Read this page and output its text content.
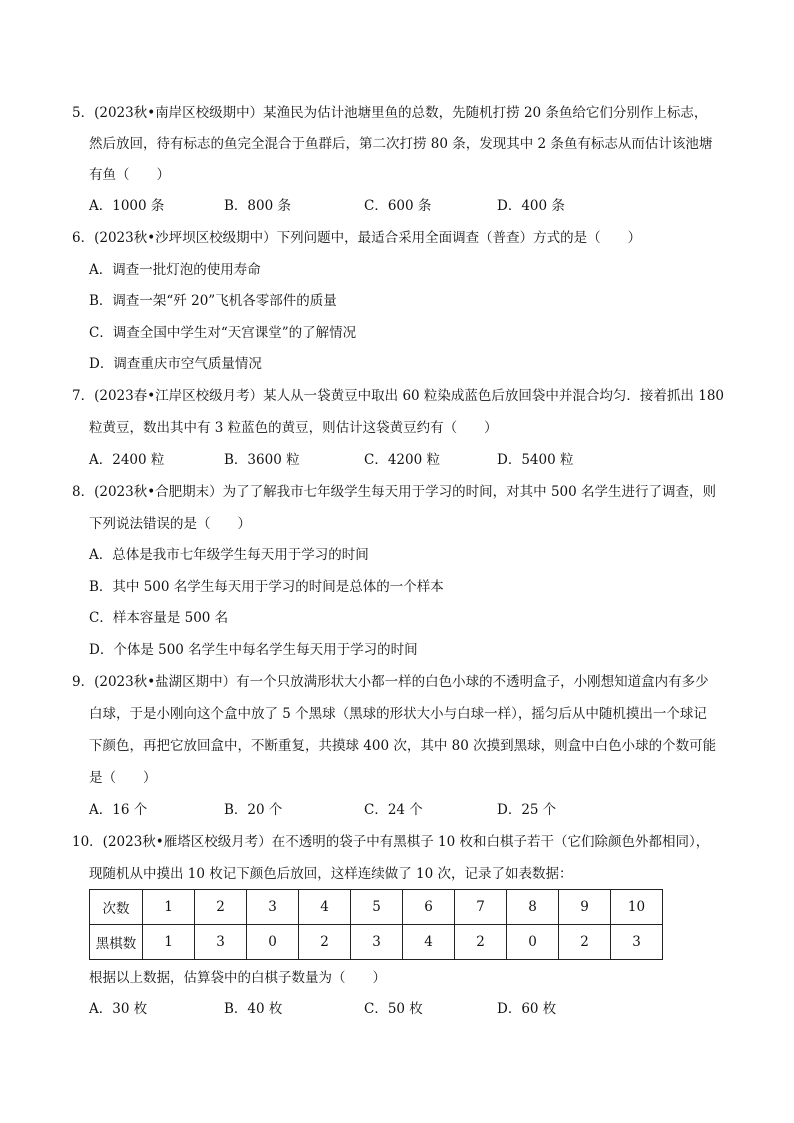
5．(2023秋•南岸区校级期中）某渔民为估计池塘里鱼的总数，先随机打捞 20 条鱼给它们分别作上标志，
然后放回，待有标志的鱼完全混合于鱼群后，第二次打捞 80 条，发现其中 2 条鱼有标志从而估计该池塘
有鱼（　　）
A．1000 条	B．800 条	C．600 条	D．400 条
6．(2023秋•沙坪坝区校级期中）下列问题中，最适合采用全面调查（普查）方式的是（　　）
A．调查一批灯泡的使用寿命
B．调查一架“歼 20”飞机各零部件的质量
C．调查全国中学生对“天宫课堂”的了解情况
D．调查重庆市空气质量情况
7．(2023春•江岸区校级月考）某人从一袋黄豆中取出 60 粒染成蓝色后放回袋中并混合均匀．接着抓出 180
粒黄豆，数出其中有 3 粒蓝色的黄豆，则估计这袋黄豆约有（　　）
A．2400 粒	B．3600 粒	C．4200 粒	D．5400 粒
8．(2023秋•合肥期末）为了了解我市七年级学生每天用于学习的时间，对其中 500 名学生进行了调查，则
下列说法错误的是（　　）
A．总体是我市七年级学生每天用于学习的时间
B．其中 500 名学生每天用于学习的时间是总体的一个样本
C．样本容量是 500 名
D．个体是 500 名学生中每名学生每天用于学习的时间
9．(2023秋•盐湖区期中）有一个只放满形状大小都一样的白色小球的不透明盒子，小刚想知道盒内有多少
白球，于是小刚向这个盒中放了 5 个黑球（黑球的形状大小与白球一样），摇匀后从中随机摸出一个球记
下颜色，再把它放回盒中，不断重复，共摸球 400 次，其中 80 次摸到黑球，则盒中白色小球的个数可能
是（　　）
A．16 个	B．20 个	C．24 个	D．25 个
10．(2023秋•雁塔区校级月考）在不透明的袋子中有黑棋子 10 枚和白棋子若干（它们除颜色外都相同），
现随机从中摸出 10 枚记下颜色后放回，这样连续做了 10 次，记录了如表数据：
次数	1	2	3	4	5	6	7	8	9	10
黑棋数	1	3	0	2	3	4	2	0	2	3
根据以上数据，估算袋中的白棋子数量为（　　）
A．30 枚	B．40 枚	C．50 枚	D．60 枚
